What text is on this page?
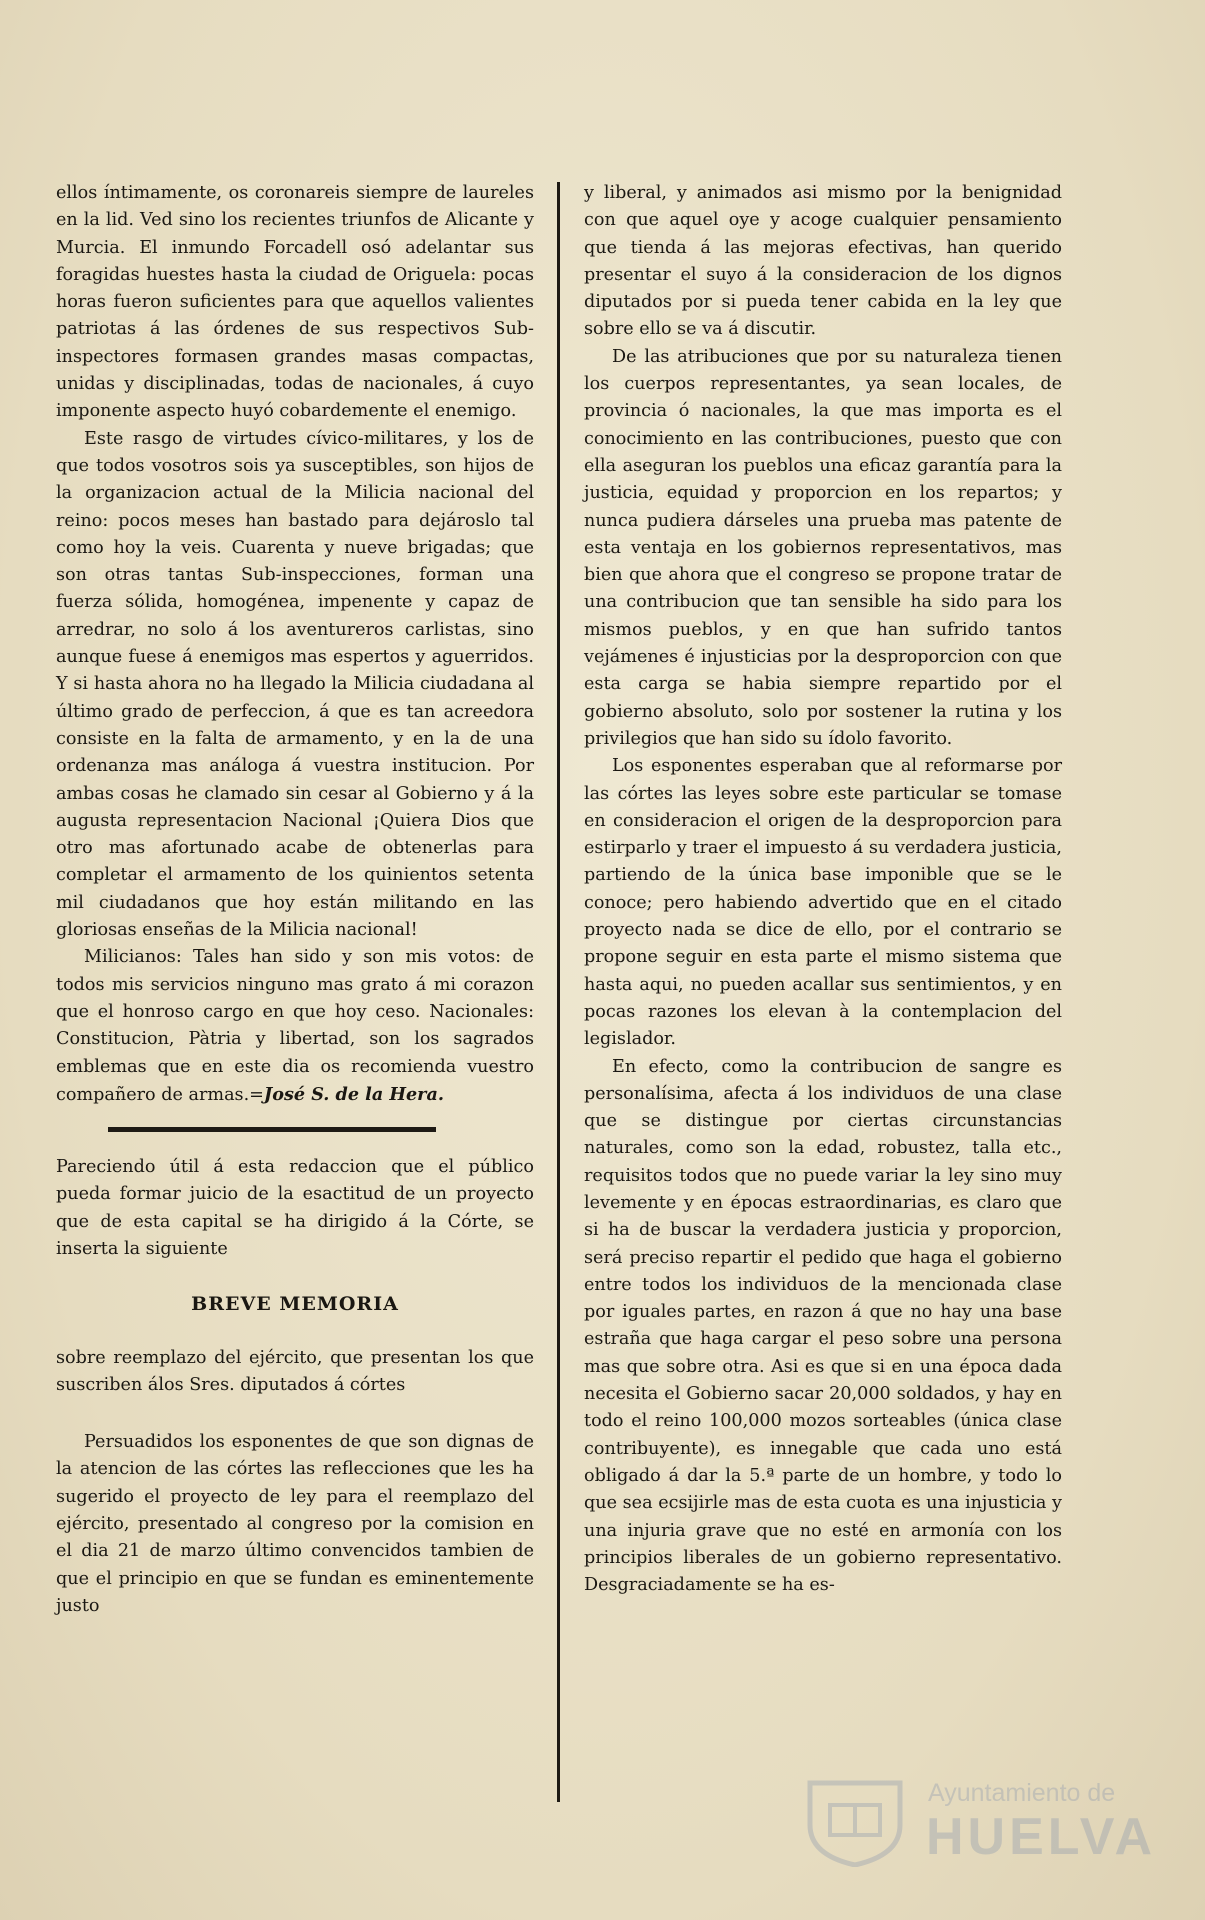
ellos íntimamente, os coronareis siempre de laureles en la lid. Ved sino los recientes triunfos de Alicante y Murcia. El inmundo Forcadell osó adelantar sus foragidas huestes hasta la ciudad de Origuela: pocas horas fueron suficientes para que aquellos valientes patriotas á las órdenes de sus respectivos Sub-inspectores formasen grandes masas compactas, unidas y disciplinadas, todas de nacionales, á cuyo imponente aspecto huyó cobardemente el enemigo.

Este rasgo de virtudes cívico-militares, y los de que todos vosotros sois ya susceptibles, son hijos de la organizacion actual de la Milicia nacional del reino: pocos meses han bastado para dejároslo tal como hoy la veis. Cuarenta y nueve brigadas; que son otras tantas Sub-inspecciones, forman una fuerza sólida, homogénea, impenente y capaz de arredrar, no solo á los aventureros carlistas, sino aunque fuese á enemigos mas espertos y aguerridos. Y si hasta ahora no ha llegado la Milicia ciudadana al último grado de perfeccion, á que es tan acreedora consiste en la falta de armamento, y en la de una ordenanza mas análoga á vuestra institucion. Por ambas cosas he clamado sin cesar al Gobierno y á la augusta representacion Nacional ¡Quiera Dios que otro mas afortunado acabe de obtenerlas para completar el armamento de los quinientos setenta mil ciudadanos que hoy están militando en las gloriosas enseñas de la Milicia nacional!

Milicianos: Tales han sido y son mis votos: de todos mis servicios ninguno mas grato á mi corazon que el honroso cargo en que hoy ceso. Nacionales: Constitucion, Pàtria y libertad, son los sagrados emblemas que en este dia os recomienda vuestro compañero de armas.=José S. de la Hera.

Pareciendo útil á esta redaccion que el público pueda formar juicio de la esactitud de un proyecto que de esta capital se ha dirigido á la Córte, se inserta la siguiente

BREVE MEMORIA

sobre reemplazo del ejército, que presentan los que suscriben álos Sres. diputados á córtes

Persuadidos los esponentes de que son dignas de la atencion de las córtes las reflecciones que les ha sugerido el proyecto de ley para el reemplazo del ejército, presentado al congreso por la comision en el dia 21 de marzo último convencidos tambien de que el principio en que se fundan es eminentemente justo

y liberal, y animados asi mismo por la benignidad con que aquel oye y acoge cualquier pensamiento que tienda á las mejoras efectivas, han querido presentar el suyo á la consideracion de los dignos diputados por si pueda tener cabida en la ley que sobre ello se va á discutir.

De las atribuciones que por su naturaleza tienen los cuerpos representantes, ya sean locales, de provincia ó nacionales, la que mas importa es el conocimiento en las contribuciones, puesto que con ella aseguran los pueblos una eficaz garantía para la justicia, equidad y proporcion en los repartos; y nunca pudiera dárseles una prueba mas patente de esta ventaja en los gobiernos representativos, mas bien que ahora que el congreso se propone tratar de una contribucion que tan sensible ha sido para los mismos pueblos, y en que han sufrido tantos vejámenes é injusticias por la desproporcion con que esta carga se habia siempre repartido por el gobierno absoluto, solo por sostener la rutina y los privilegios que han sido su ídolo favorito.

Los esponentes esperaban que al reformarse por las córtes las leyes sobre este particular se tomase en consideracion el origen de la desproporcion para estirparlo y traer el impuesto á su verdadera justicia, partiendo de la única base imponible que se le conoce; pero habiendo advertido que en el citado proyecto nada se dice de ello, por el contrario se propone seguir en esta parte el mismo sistema que hasta aqui, no pueden acallar sus sentimientos, y en pocas razones los elevan à la contemplacion del legislador.

En efecto, como la contribucion de sangre es personalísima, afecta á los individuos de una clase que se distingue por ciertas circunstancias naturales, como son la edad, robustez, talla etc., requisitos todos que no puede variar la ley sino muy levemente y en épocas estraordinarias, es claro que si ha de buscar la verdadera justicia y proporcion, será preciso repartir el pedido que haga el gobierno entre todos los individuos de la mencionada clase por iguales partes, en razon á que no hay una base estraña que haga cargar el peso sobre una persona mas que sobre otra. Asi es que si en una época dada necesita el Gobierno sacar 20,000 soldados, y hay en todo el reino 100,000 mozos sorteables (única clase contribuyente), es innegable que cada uno está obligado á dar la 5.ª parte de un hombre, y todo lo que sea ecsijirle mas de esta cuota es una injusticia y una injuria grave que no esté en armonía con los principios liberales de un gobierno representativo. Desgraciadamente se ha es-

Ayuntamiento de
HUELVA
